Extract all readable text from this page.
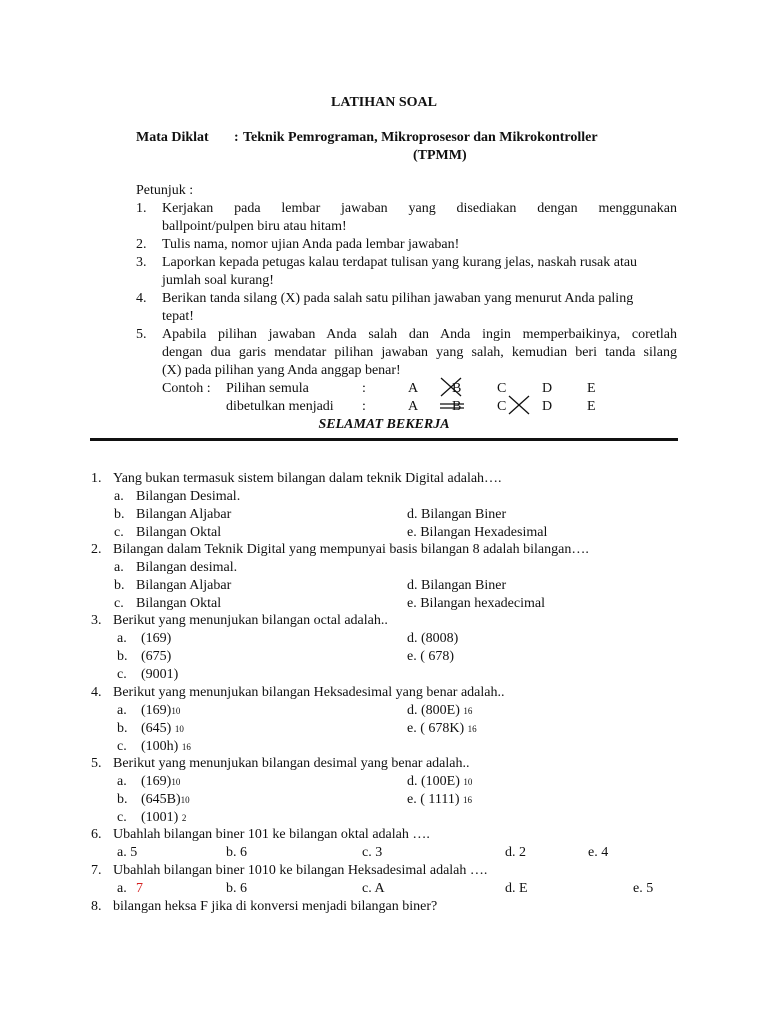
LATIHAN SOAL
Mata Diklat : Teknik Pemrograman, Mikroprosesor dan Mikrokontroller
(TPMM)
Petunjuk :
1. Kerjakan pada lembar jawaban yang disediakan dengan menggunakan
ballpoint/pulpen biru atau hitam!
2. Tulis nama, nomor ujian Anda pada lembar jawaban!
3. Laporkan kepada petugas kalau terdapat tulisan yang kurang jelas, naskah rusak atau
jumlah soal kurang!
4. Berikan tanda silang (X) pada salah satu pilihan jawaban yang menurut Anda paling
tepat!
5. Apabila pilihan jawaban Anda salah dan Anda ingin memperbaikinya, coretlah
dengan dua garis mendatar pilihan jawaban yang salah, kemudian beri tanda silang
(X) pada pilihan yang Anda anggap benar!
Contoh : Pilihan semula	:	A B	C	D E
dibetulkan menjadi :	A B	C	D E
SELAMAT BEKERJA
1. Yang bukan termasuk sistem bilangan dalam teknik Digital adalah….
a. Bilangan Desimal.
b. Bilangan Aljabar	d. Bilangan Biner
c. Bilangan Oktal	e. Bilangan Hexadesimal
2. Bilangan dalam Teknik Digital yang mempunyai basis bilangan 8 adalah bilangan….
a. Bilangan desimal.
b. Bilangan Aljabar	d. Bilangan Biner
c. Bilangan Oktal	e. Bilangan hexadecimal
3. Berikut yang menunjukan bilangan octal adalah..
a. (169)	d. (8008)
b. (675)	e. ( 678)
c. (9001)
4. Berikut yang menunjukan bilangan Heksadesimal yang benar adalah..
a. (169)10	d. (800E) 16
b. (645) 10	e. ( 678K) 16
c. (100h) 16
5. Berikut yang menunjukan bilangan desimal yang benar adalah..
a. (169)10	d. (100E) 10
b. (645B)10	e. ( 1111) 16
c. (1001) 2
6. Ubahlah bilangan biner 101 ke bilangan oktal adalah ….
a. 5	b. 6	c. 3	d. 2	e. 4
7. Ubahlah bilangan biner 1010 ke bilangan Heksadesimal adalah ….
a. 7	b. 6	c. A	d. E	e. 5
8. bilangan heksa F jika di konversi menjadi bilangan biner?
